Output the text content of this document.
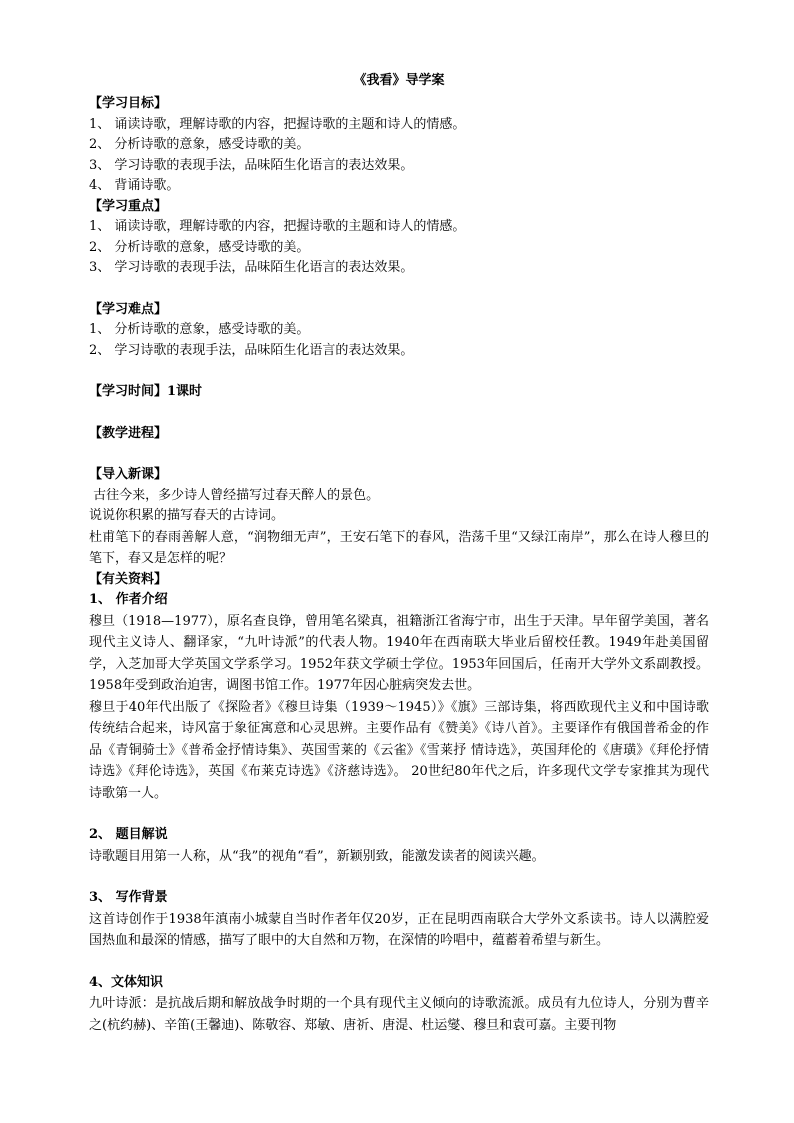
《我看》导学案
【学习目标】
1、 诵读诗歌，理解诗歌的内容，把握诗歌的主题和诗人的情感。
2、 分析诗歌的意象，感受诗歌的美。
3、 学习诗歌的表现手法，品味陌生化语言的表达效果。
4、 背诵诗歌。
【学习重点】
1、 诵读诗歌，理解诗歌的内容，把握诗歌的主题和诗人的情感。
2、 分析诗歌的意象，感受诗歌的美。
3、 学习诗歌的表现手法，品味陌生化语言的表达效果。
【学习难点】
1、 分析诗歌的意象，感受诗歌的美。
2、 学习诗歌的表现手法，品味陌生化语言的表达效果。
【学习时间】1课时
【教学进程】
【导入新课】
古往今来，多少诗人曾经描写过春天醉人的景色。
说说你积累的描写春天的古诗词。

杜甫笔下的春雨善解人意，“润物细无声”，王安石笔下的春风，浩荡千里“又绿江南岸”，那么在诗人穆旦的笔下，春又是怎样的呢？

【有关资料】
1、 作者介绍

穆旦（1918—1977），原名查良铮，曾用笔名梁真，祖籍浙江省海宁市，出生于天津。早年留学美国，著名现代主义诗人、翻译家，“九叶诗派”的代表人物。1940年在西南联大毕业后留校任教。1949年赴美国留学，入芝加哥大学英国文学系学习。1952年获文学硕士学位。1953年回国后，任南开大学外文系副教授。1958年受到政治迫害，调图书馆工作。1977年因心脏病突发去世。

穆旦于40年代出版了《探险者》《穆旦诗集（1939～1945）》《旗》三部诗集，将西欧现代主义和中国诗歌传统结合起来，诗风富于象征寓意和心灵思辨。主要作品有《赞美》《诗八首》。主要译作有俄国普希金的作品《青铜骑士》《普希金抒情诗集》、英国雪莱的《云雀》《雪莱抒 情诗选》，英国拜伦的《唐璜》《拜伦抒情诗选》《拜伦诗选》，英国《布莱克诗选》《济慈诗选》。 20世纪80年代之后，许多现代文学专家推其为现代诗歌第一人。

2、 题目解说

诗歌题目用第一人称，从“我”的视角“看”，新颖别致，能激发读者的阅读兴趣。

3、 写作背景

这首诗创作于1938年滇南小城蒙自当时作者年仅20岁，正在昆明西南联合大学外文系读书。诗人以满腔爱国热血和最深的情感，描写了眼中的大自然和万物，在深情的吟唱中，蕴蓄着希望与新生。

4、文体知识

九叶诗派：是抗战后期和解放战争时期的一个具有现代主义倾向的诗歌流派。成员有九位诗人，分别为曹辛之(杭约赫)、辛笛(王馨迪)、陈敬容、郑敏、唐祈、唐湜、杜运燮、穆旦和袁可嘉。主要刊物
